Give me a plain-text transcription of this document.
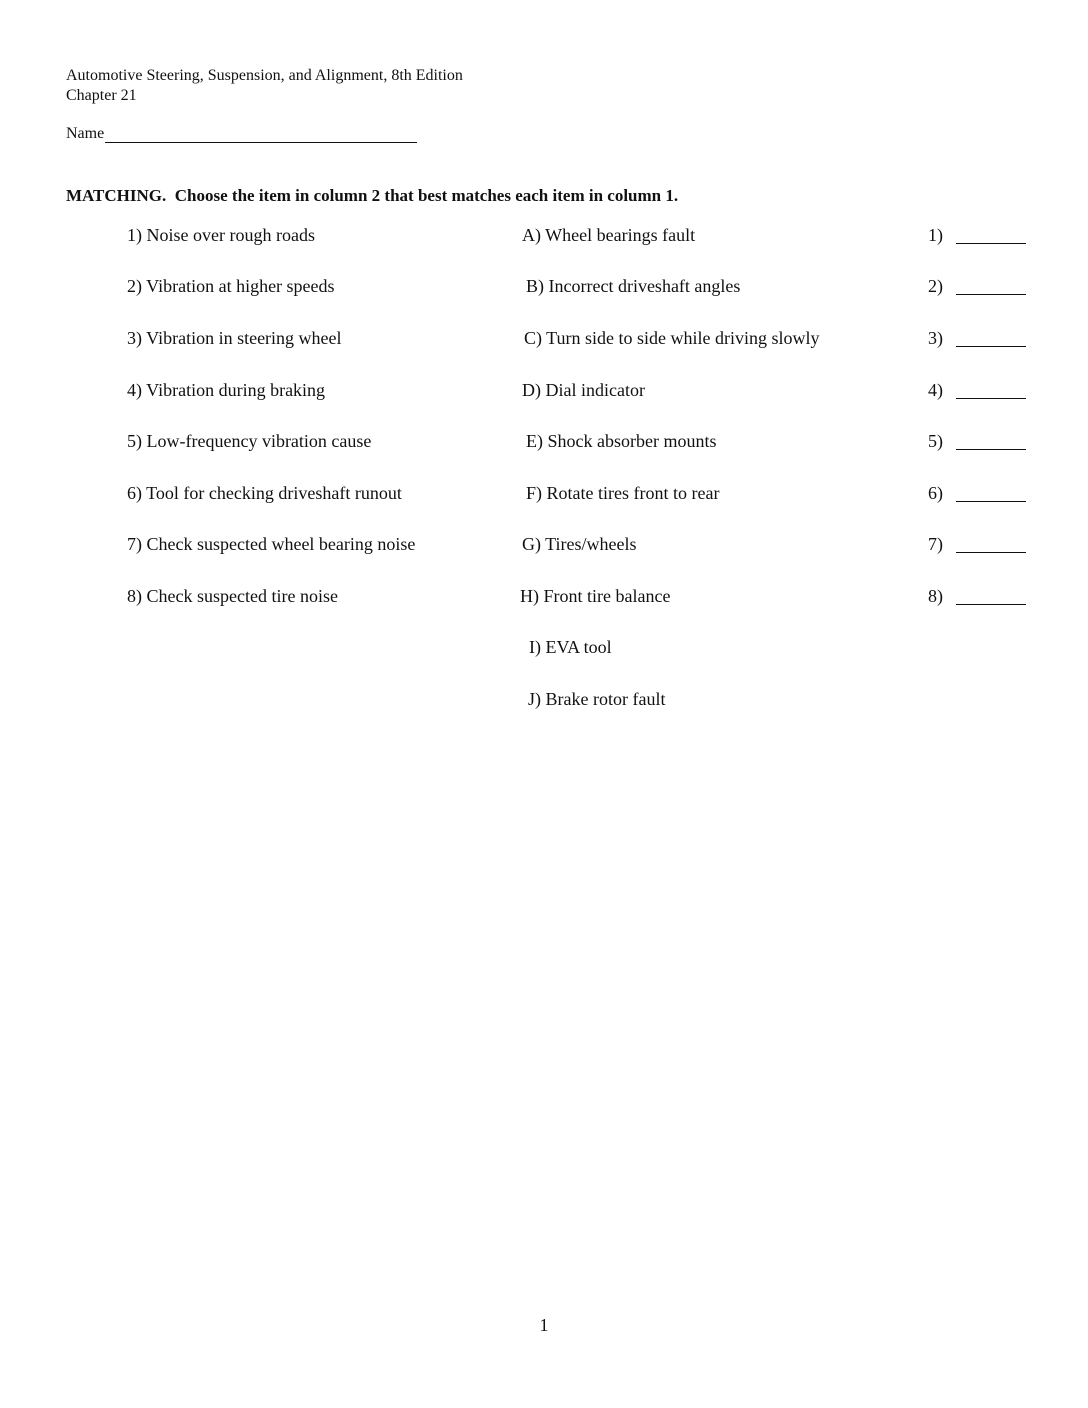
Automotive Steering, Suspension, and Alignment, 8th Edition
Chapter 21
Name
MATCHING.  Choose the item in column 2 that best matches each item in column 1.
1) Noise over rough roads
2) Vibration at higher speeds
3) Vibration in steering wheel
4) Vibration during braking
5) Low-frequency vibration cause
6) Tool for checking driveshaft runout
7) Check suspected wheel bearing noise
8) Check suspected tire noise
A) Wheel bearings fault
B) Incorrect driveshaft angles
C) Turn side to side while driving slowly
D) Dial indicator
E) Shock absorber mounts
F) Rotate tires front to rear
G) Tires/wheels
H) Front tire balance
I) EVA tool
J) Brake rotor fault
1)
2)
3)
4)
5)
6)
7)
8)
1
